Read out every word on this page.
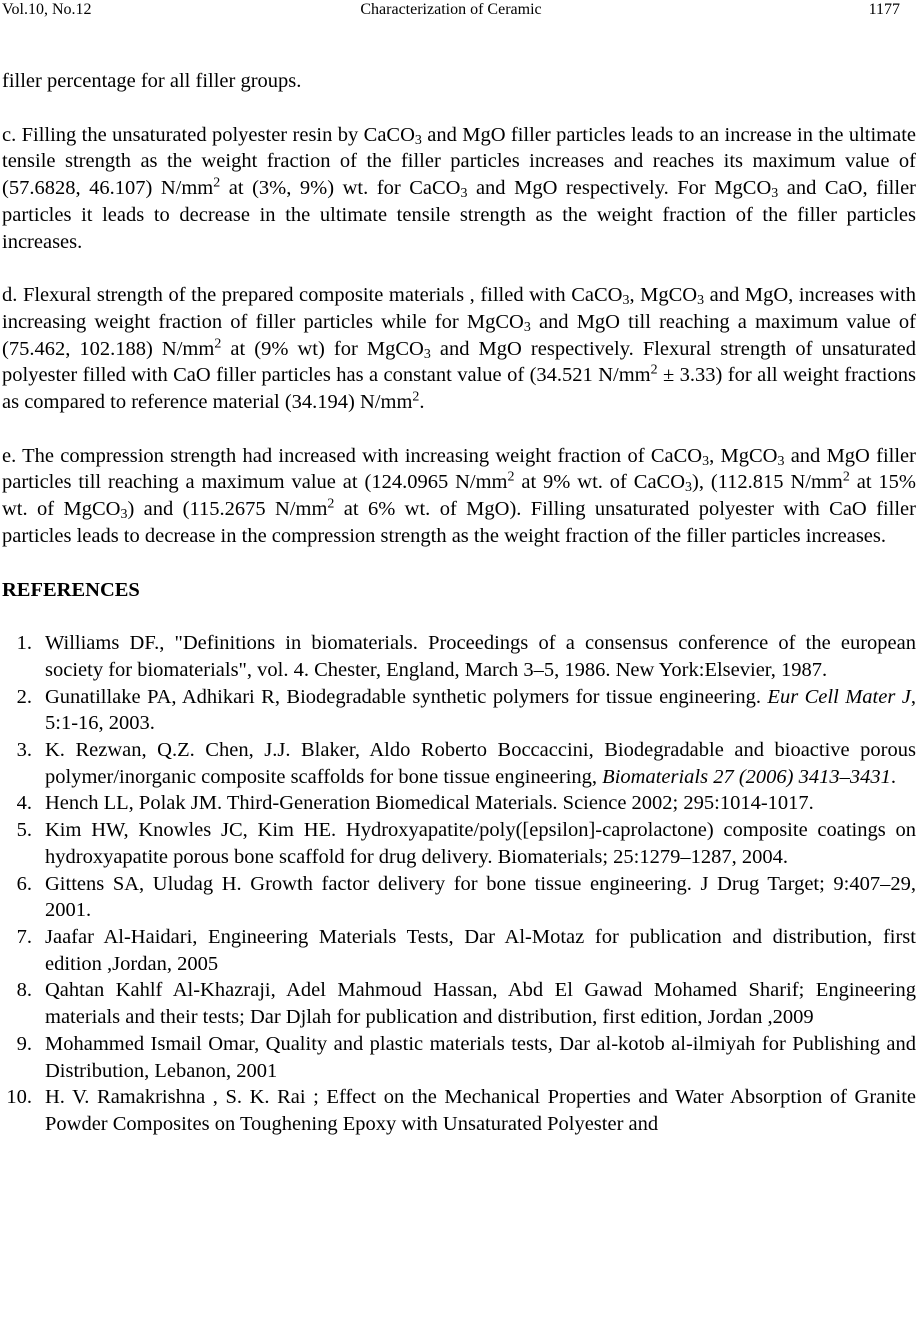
Vol.10, No.12	Characterization of Ceramic	1177

filler percentage for all filler groups.

c. Filling the unsaturated polyester resin by CaCO$_3$ and MgO filler particles leads to an increase in the ultimate tensile strength as the weight fraction of the filler particles increases and reaches its maximum value of (57.6828, 46.107) $N/mm^2$ at (3%, 9%) wt. for CaCO$_3$ and MgO respectively. For MgCO$_3$ and CaO, filler particles it leads to decrease in the ultimate tensile strength as the weight fraction of the filler particles increases.

d. Flexural strength of the prepared composite materials , filled with CaCO$_3$, MgCO$_3$ and MgO, increases with increasing weight fraction of filler particles while for MgCO$_3$ and MgO till reaching a maximum value of (75.462, 102.188) $N/mm^2$ at (9% wt) for MgCO$_3$ and MgO respectively. Flexural strength of unsaturated polyester filled with CaO filler particles has a constant value of (34.521 $N/mm^2 \pm 3.33$) for all weight fractions as compared to reference material (34.194) $N/mm^2$.

e. The compression strength had increased with increasing weight fraction of CaCO$_3$, MgCO$_3$ and MgO filler particles till reaching a maximum value at (124.0965 $N/mm^2$ at 9% wt. of CaCO$_3$), (112.815 $N/mm^2$ at 15% wt. of MgCO$_3$) and (115.2675 $N/mm^2$ at 6% wt. of MgO). Filling unsaturated polyester with CaO filler particles leads to decrease in the compression strength as the weight fraction of the filler particles increases.

REFERENCES
1. Williams DF., "Definitions in biomaterials. Proceedings of a consensus conference of the european society for biomaterials", vol. 4. Chester, England, March 3–5, 1986. New York:Elsevier, 1987.
2. Gunatillake PA, Adhikari R, Biodegradable synthetic polymers for tissue engineering. Eur Cell Mater J, 5:1-16, 2003.
3. K. Rezwan, Q.Z. Chen, J.J. Blaker, Aldo Roberto Boccaccini, Biodegradable and bioactive porous polymer/inorganic composite scaffolds for bone tissue engineering, Biomaterials 27 (2006) 3413–3431.
4. Hench LL, Polak JM. Third-Generation Biomedical Materials. Science 2002; 295:1014-1017.
5. Kim HW, Knowles JC, Kim HE. Hydroxyapatite/poly([epsilon]-caprolactone) composite coatings on hydroxyapatite porous bone scaffold for drug delivery. Biomaterials; 25:1279–1287, 2004.
6. Gittens SA, Uludag H. Growth factor delivery for bone tissue engineering. J Drug Target; 9:407–29, 2001.
7. Jaafar Al-Haidari, Engineering Materials Tests, Dar Al-Motaz for publication and distribution, first edition ,Jordan, 2005
8. Qahtan Kahlf Al-Khazraji, Adel Mahmoud Hassan, Abd El Gawad Mohamed Sharif; Engineering materials and their tests; Dar Djlah for publication and distribution, first edition, Jordan ,2009
9. Mohammed Ismail Omar, Quality and plastic materials tests, Dar al-kotob al-ilmiyah for Publishing and Distribution, Lebanon, 2001
10. H. V. Ramakrishna , S. K. Rai ; Effect on the Mechanical Properties and Water Absorption of Granite Powder Composites on Toughening Epoxy with Unsaturated Polyester and
